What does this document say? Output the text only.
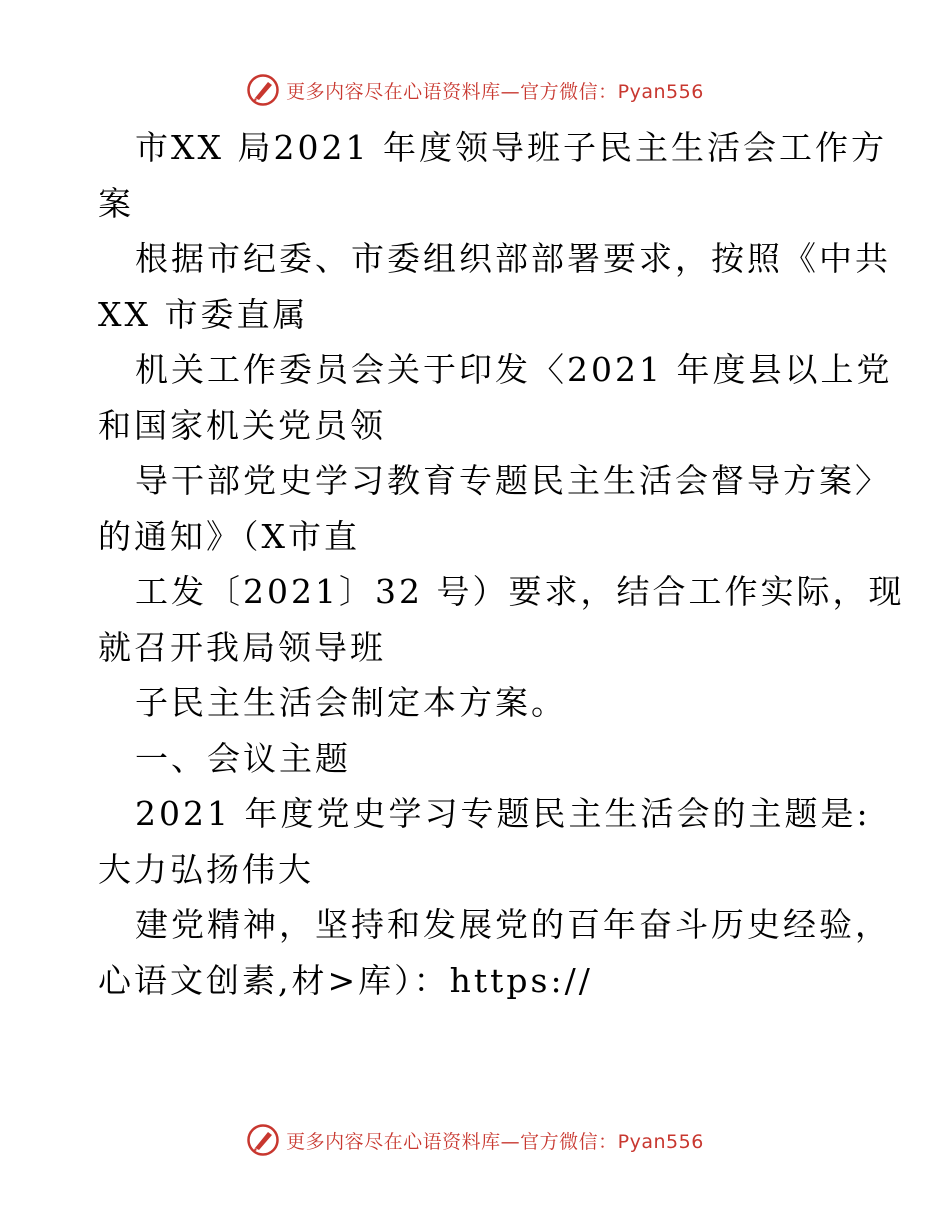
更多内容尽在心语资料库—官方微信：Pyan556
市XX 局2021 年度领导班子民主生活会工作方
案
根据市纪委、市委组织部部署要求，按照《中共
XX 市委直属
机关工作委员会关于印发〈2021 年度县以上党
和国家机关党员领
导干部党史学习教育专题民主生活会督导方案〉
的通知》（X市直
工发〔2021〕32 号）要求，结合工作实际，现
就召开我局领导班
子民主生活会制定本方案。
一、会议主题
2021 年度党史学习专题民主生活会的主题是:
大力弘扬伟大
建党精神，坚持和发展党的百年奋斗历史经验，
心语文创素,材>库）：https://
更多内容尽在心语资料库—官方微信：Pyan556
